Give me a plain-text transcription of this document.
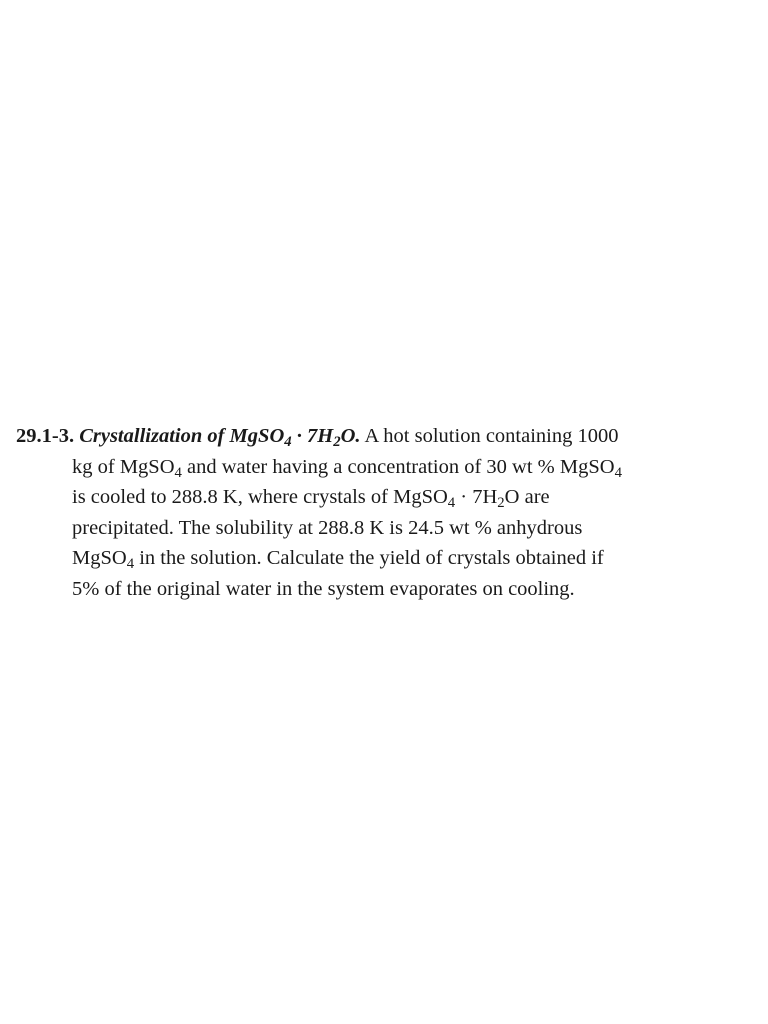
29.1-3. Crystallization of MgSO$_4$ · $7H_2O$. A hot solution containing 1000
kg of MgSO$_4$ and water having a concentration of 30 wt % MgSO$_4$
is cooled to 288.8 K, where crystals of MgSO$_4$ · $7H_2O$ are
precipitated. The solubility at 288.8 K is 24.5 wt % anhydrous
MgSO$_4$ in the solution. Calculate the yield of crystals obtained if
5% of the original water in the system evaporates on cooling.
